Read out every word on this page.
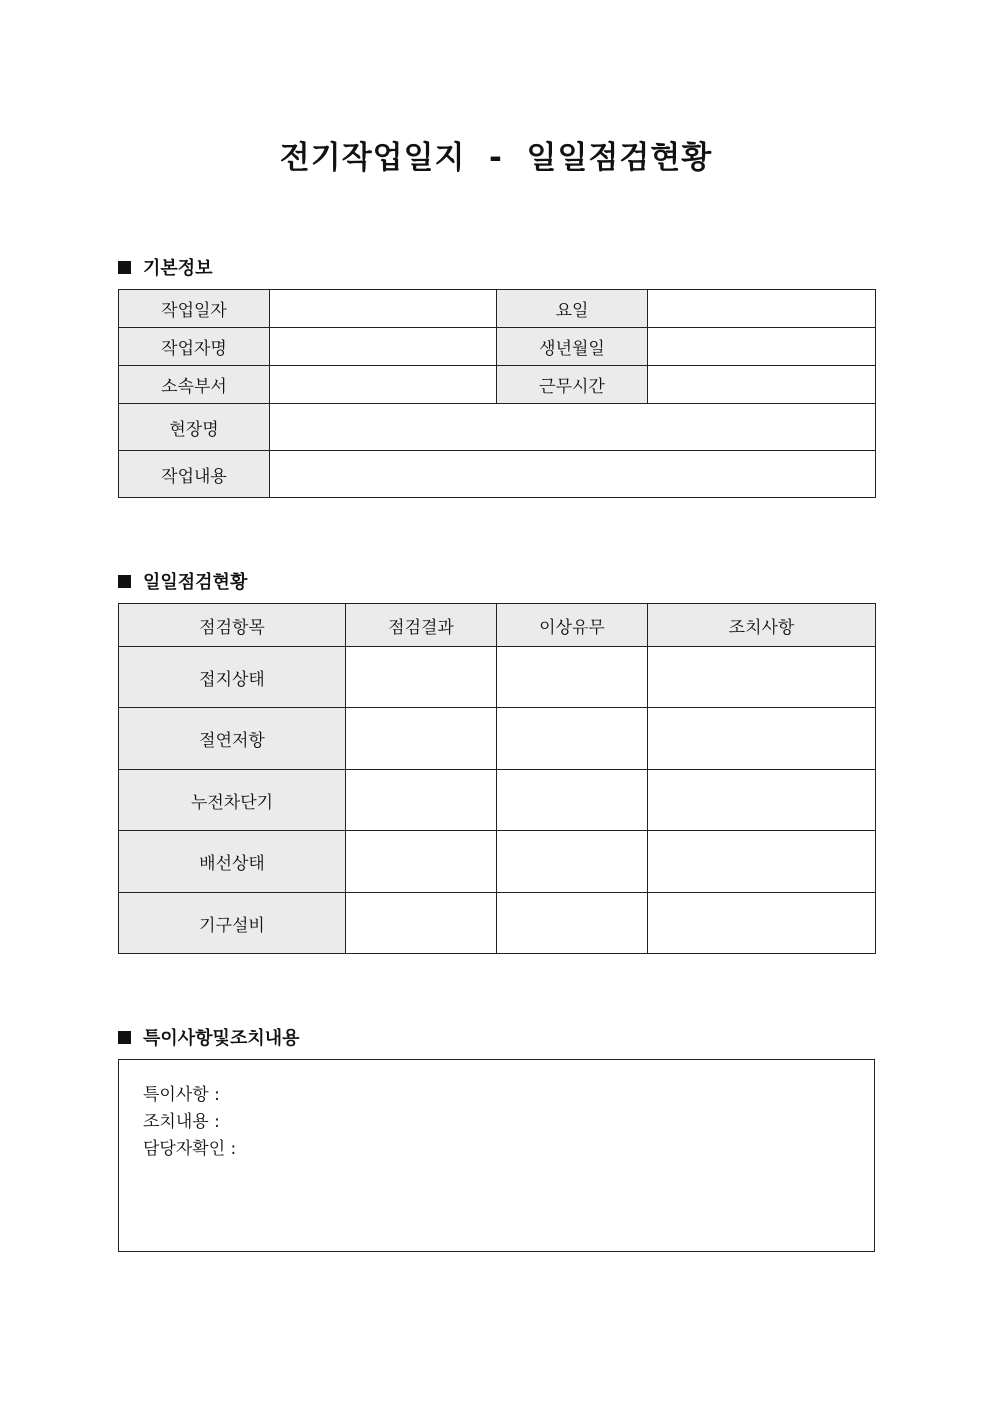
전기작업일지  -  일일점검현황
기본정보
작업일자		요일	
작업자명		생년월일	
소속부서		근무시간	
현장명			
작업내용			
일일점검현황
점검항목	점검결과	이상유무	조치사항
접지상태			
절연저항			
누전차단기			
배선상태			
기구설비			
특이사항및조치내용
특이사항 :
조치내용 :
담당자확인 :
